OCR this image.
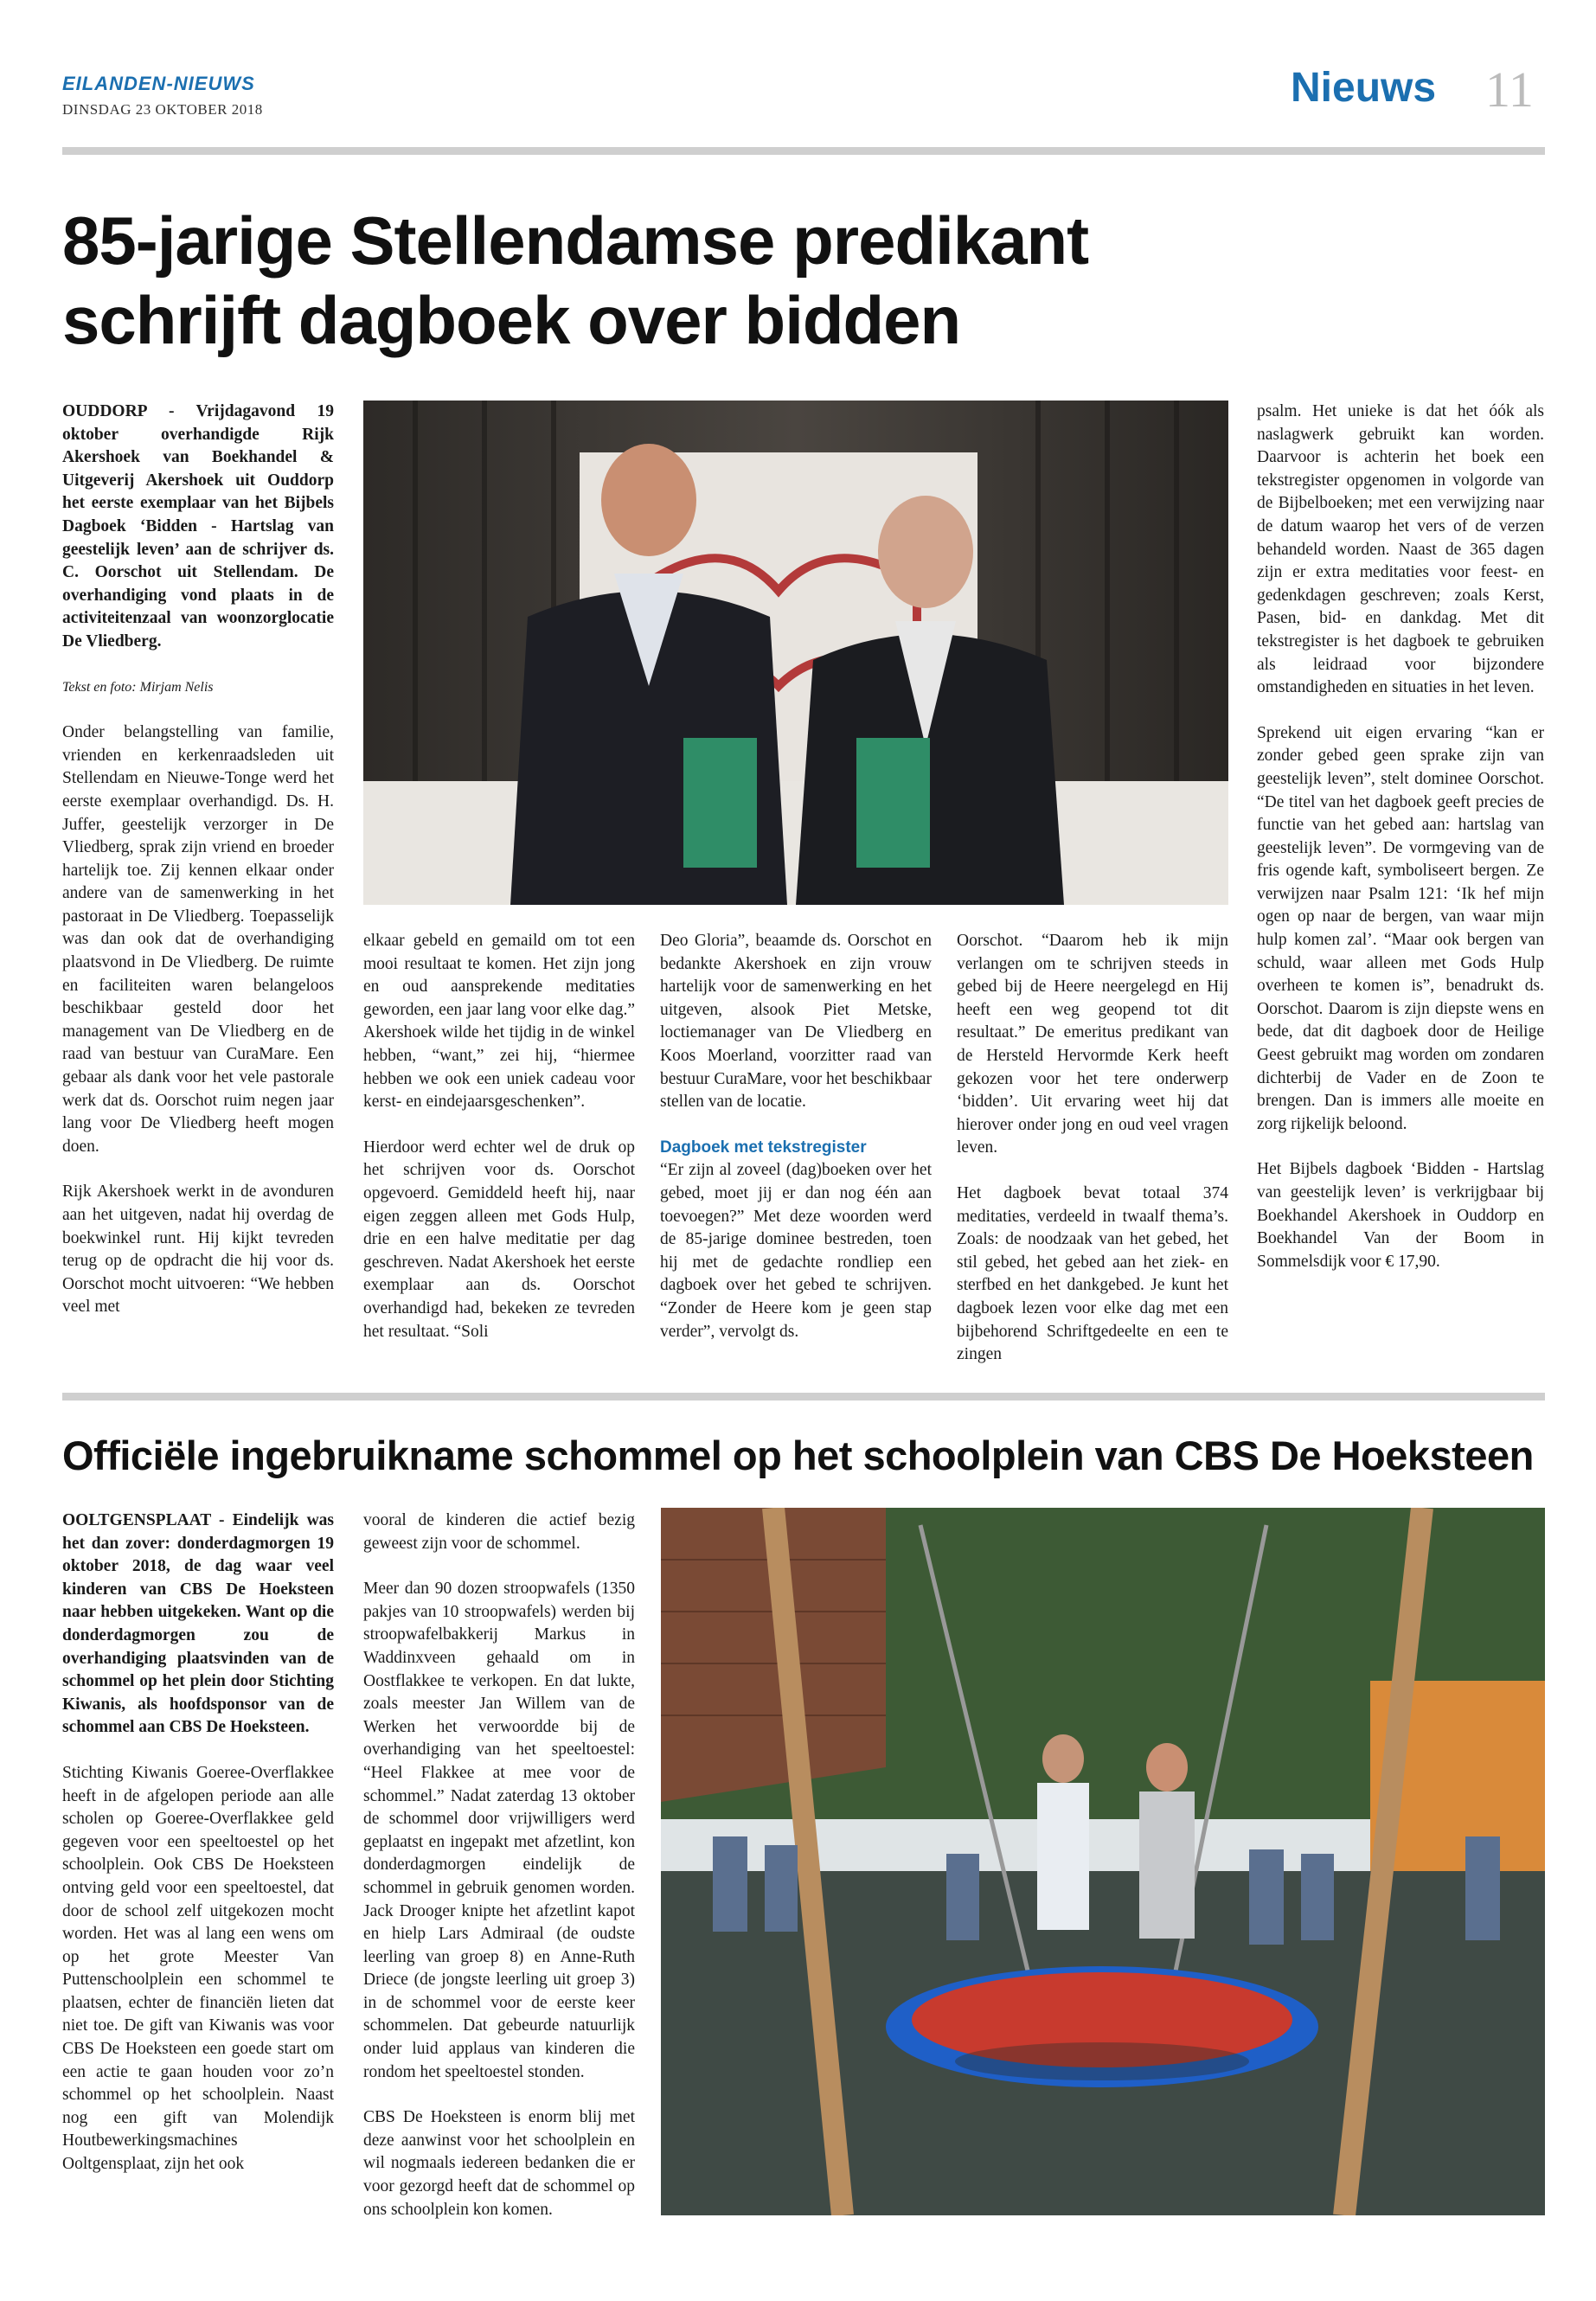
EILANDEN-NIEUWS
DINSDAG 23 OKTOBER 2018	Nieuws 11
85-jarige Stellendamse predikant
schrijft dagboek over bidden

OUDDORP - Vrijdagavond 19 oktober overhandigde Rijk Akershoek van Boekhandel & Uitgeverij Akershoek uit Ouddorp het eerste exemplaar van het Bijbels Dagboek ‘Bidden - Hartslag van geestelijk leven’ aan de schrijver ds. C. Oorschot uit Stellendam. De overhandiging vond plaats in de activiteitenzaal van woonzorglocatie De Vliedberg.

Tekst en foto: Mirjam Nelis

Onder belangstelling van familie, vrienden en kerkenraadsleden uit Stellendam en Nieuwe-Tonge werd het eerste exemplaar overhandigd. Ds. H. Juffer, geestelijk verzorger in De Vliedberg, sprak zijn vriend en broeder hartelijk toe. Zij kennen elkaar onder andere van de samenwerking in het pastoraat in De Vliedberg. Toepasselijk was dan ook dat de overhandiging plaatsvond in De Vliedberg. De ruimte en faciliteiten waren belangeloos beschikbaar gesteld door het management van De Vliedberg en de raad van bestuur van CuraMare. Een gebaar als dank voor het vele pastorale werk dat ds. Oorschot ruim negen jaar lang voor De Vliedberg heeft mogen doen.

Rijk Akershoek werkt in de avonduren aan het uitgeven, nadat hij overdag de boekwinkel runt. Hij kijkt tevreden terug op de opdracht die hij voor ds. Oorschot mocht uitvoeren: “We hebben veel met

elkaar gebeld en gemaild om tot een mooi resultaat te komen. Het zijn jong en oud aansprekende meditaties geworden, een jaar lang voor elke dag.” Akershoek wilde het tijdig in de winkel hebben, “want,” zei hij, “hiermee hebben we ook een uniek cadeau voor kerst- en eindejaarsgeschenken”.

Hierdoor werd echter wel de druk op het schrijven voor ds. Oorschot opgevoerd. Gemiddeld heeft hij, naar eigen zeggen alleen met Gods Hulp, drie en een halve meditatie per dag geschreven. Nadat Akershoek het eerste exemplaar aan ds. Oorschot overhandigd had, bekeken ze tevreden het resultaat. “Soli

Deo Gloria”, beaamde ds. Oorschot en bedankte Akershoek en zijn vrouw hartelijk voor de samenwerking en het uitgeven, alsook Piet Metske, loctiemanager van De Vliedberg en Koos Moerland, voorzitter raad van bestuur CuraMare, voor het beschikbaar stellen van de locatie.

Dagboek met tekstregister

“Er zijn al zoveel (dag)boeken over het gebed, moet jij er dan nog één aan toevoegen?” Met deze woorden werd de 85-jarige dominee bestreden, toen hij met de gedachte rondliep een dagboek over het gebed te schrijven. “Zonder de Heere kom je geen stap verder”, vervolgt ds.

Oorschot. “Daarom heb ik mijn verlangen om te schrijven steeds in gebed bij de Heere neergelegd en Hij heeft een weg geopend tot dit resultaat.” De emeritus predikant van de Hersteld Hervormde Kerk heeft gekozen voor het tere onderwerp ‘bidden’. Uit ervaring weet hij dat hierover onder jong en oud veel vragen leven.

Het dagboek bevat totaal 374 meditaties, verdeeld in twaalf thema’s. Zoals: de noodzaak van het gebed, het stil gebed, het gebed aan het ziek- en sterfbed en het dankgebed. Je kunt het dagboek lezen voor elke dag met een bijbehorend Schriftgedeelte en een te zingen

psalm. Het unieke is dat het óók als naslagwerk gebruikt kan worden. Daarvoor is achterin het boek een tekstregister opgenomen in volgorde van de Bijbelboeken; met een verwijzing naar de datum waarop het vers of de verzen behandeld worden. Naast de 365 dagen zijn er extra meditaties voor feest- en gedenkdagen geschreven; zoals Kerst, Pasen, bid- en dankdag. Met dit tekstregister is het dagboek te gebruiken als leidraad voor bijzondere omstandigheden en situaties in het leven.

Sprekend uit eigen ervaring “kan er zonder gebed geen sprake zijn van geestelijk leven”, stelt dominee Oorschot. “De titel van het dagboek geeft precies de functie van het gebed aan: hartslag van geestelijk leven”. De vormgeving van de fris ogende kaft, symboliseert bergen. Ze verwijzen naar Psalm 121: ‘Ik hef mijn ogen op naar de bergen, van waar mijn hulp komen zal’. “Maar ook bergen van schuld, waar alleen met Gods Hulp overheen te komen is”, benadrukt ds. Oorschot. Daarom is zijn diepste wens en bede, dat dit dagboek door de Heilige Geest gebruikt mag worden om zondaren dichterbij de Vader en de Zoon te brengen. Dan is immers alle moeite en zorg rijkelijk beloond.

Het Bijbels dagboek ‘Bidden - Hartslag van geestelijk leven’ is verkrijgbaar bij Boekhandel Akershoek in Ouddorp en Boekhandel Van der Boom in Sommelsdijk voor € 17,90.

Officiële ingebruikname schommel op het schoolplein van CBS De Hoeksteen

OOLTGENSPLAAT - Eindelijk was het dan zover: donderdagmorgen 19 oktober 2018, de dag waar veel kinderen van CBS De Hoeksteen naar hebben uitgekeken. Want op die donderdagmorgen zou de overhandiging plaatsvinden van de schommel op het plein door Stichting Kiwanis, als hoofdsponsor van de schommel aan CBS De Hoeksteen.

Stichting Kiwanis Goeree-Overflakkee heeft in de afgelopen periode aan alle scholen op Goeree-Overflakkee geld gegeven voor een speeltoestel op het schoolplein. Ook CBS De Hoeksteen ontving geld voor een speeltoestel, dat door de school zelf uitgekozen mocht worden. Het was al lang een wens om op het grote Meester Van Puttenschoolplein een schommel te plaatsen, echter de financiën lieten dat niet toe. De gift van Kiwanis was voor CBS De Hoeksteen een goede start om een actie te gaan houden voor zo’n schommel op het schoolplein. Naast nog een gift van Molendijk Houtbewerkingsmachines Ooltgensplaat, zijn het ook

vooral de kinderen die actief bezig geweest zijn voor de schommel.

Meer dan 90 dozen stroopwafels (1350 pakjes van 10 stroopwafels) werden bij stroopwafelbakkerij Markus in Waddinxveen gehaald om in Oostflakkee te verkopen. En dat lukte, zoals meester Jan Willem van de Werken het verwoordde bij de overhandiging van het speeltoestel: “Heel Flakkee at mee voor de schommel.” Nadat zaterdag 13 oktober de schommel door vrijwilligers werd geplaatst en ingepakt met afzetlint, kon donderdagmorgen eindelijk de schommel in gebruik genomen worden. Jack Drooger knipte het afzetlint kapot en hielp Lars Admiraal (de oudste leerling van groep 8) en Anne-Ruth Driece (de jongste leerling uit groep 3) in de schommel voor de eerste keer schommelen. Dat gebeurde natuurlijk onder luid applaus van kinderen die rondom het speeltoestel stonden.

CBS De Hoeksteen is enorm blij met deze aanwinst voor het schoolplein en wil nogmaals iedereen bedanken die er voor gezorgd heeft dat de schommel op ons schoolplein kon komen.
